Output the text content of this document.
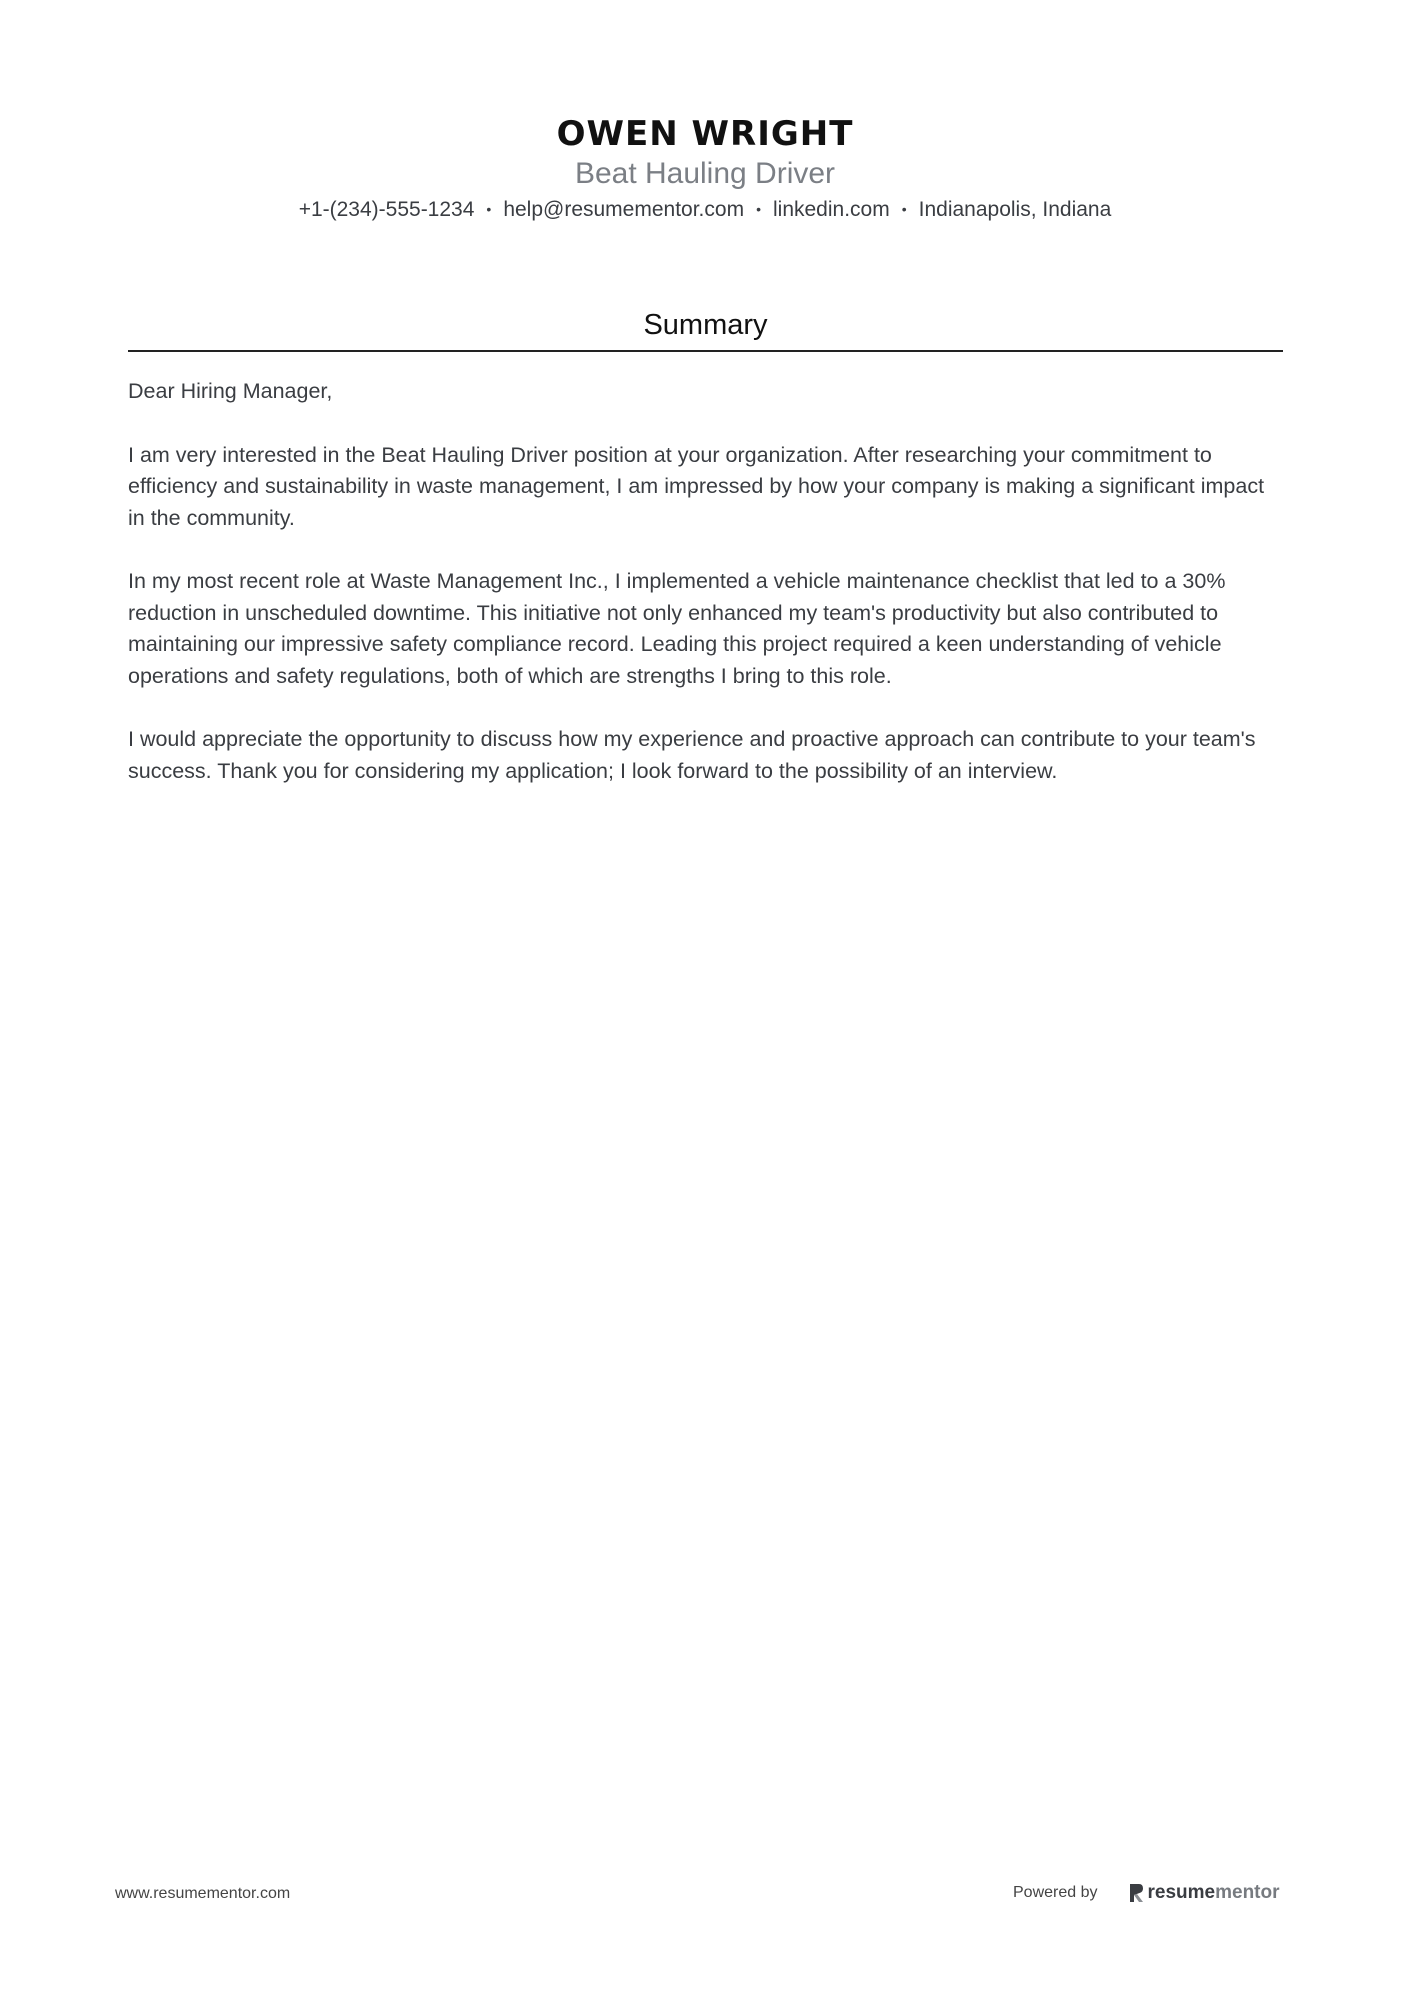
OWEN WRIGHT
Beat Hauling Driver
+1-(234)-555-1234 • help@resumementor.com • linkedin.com • Indianapolis, Indiana
Summary

Dear Hiring Manager,

I am very interested in the Beat Hauling Driver position at your organization. After researching your commitment to efficiency and sustainability in waste management, I am impressed by how your company is making a significant impact in the community.

In my most recent role at Waste Management Inc., I implemented a vehicle maintenance checklist that led to a 30% reduction in unscheduled downtime. This initiative not only enhanced my team's productivity but also contributed to maintaining our impressive safety compliance record. Leading this project required a keen understanding of vehicle operations and safety regulations, both of which are strengths I bring to this role.

I would appreciate the opportunity to discuss how my experience and proactive approach can contribute to your team's success. Thank you for considering my application; I look forward to the possibility of an interview.

www.resumementor.com	Powered by	resume mentor
